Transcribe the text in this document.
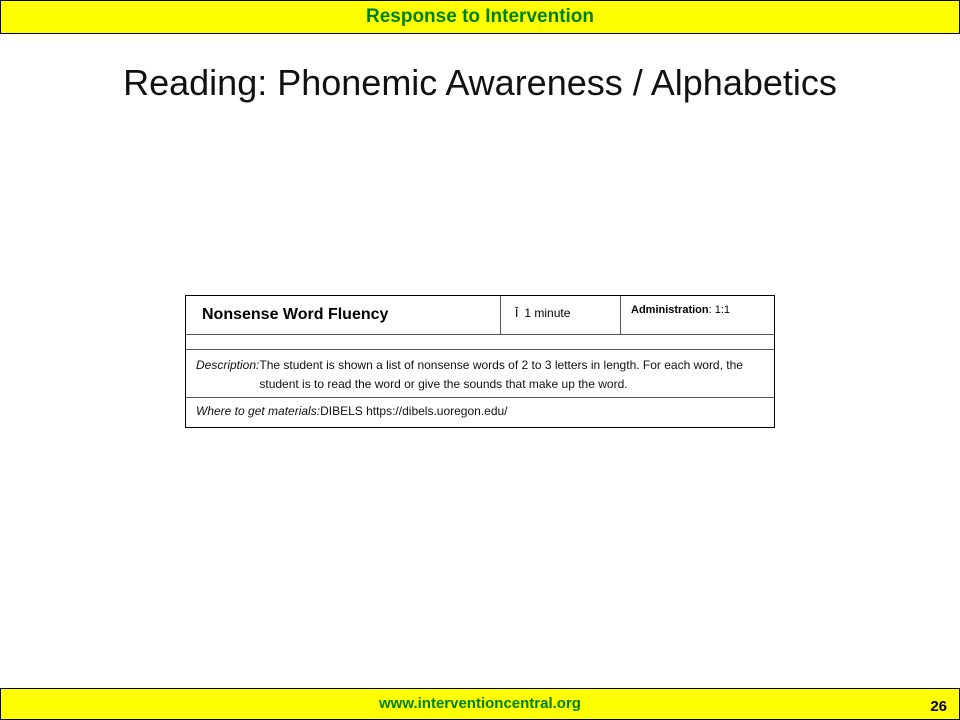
Response to Intervention
Reading: Phonemic Awareness / Alphabetics
Nonsense Word Fluency	Ī 1 minute	Administration: 1:1
Description: The student is shown a list of nonsense words of 2 to 3 letters in length. For each word, the student is to read the word or give the sounds that make up the word.
Where to get materials: DIBELS https://dibels.uoregon.edu/
www.interventioncentral.org	26
